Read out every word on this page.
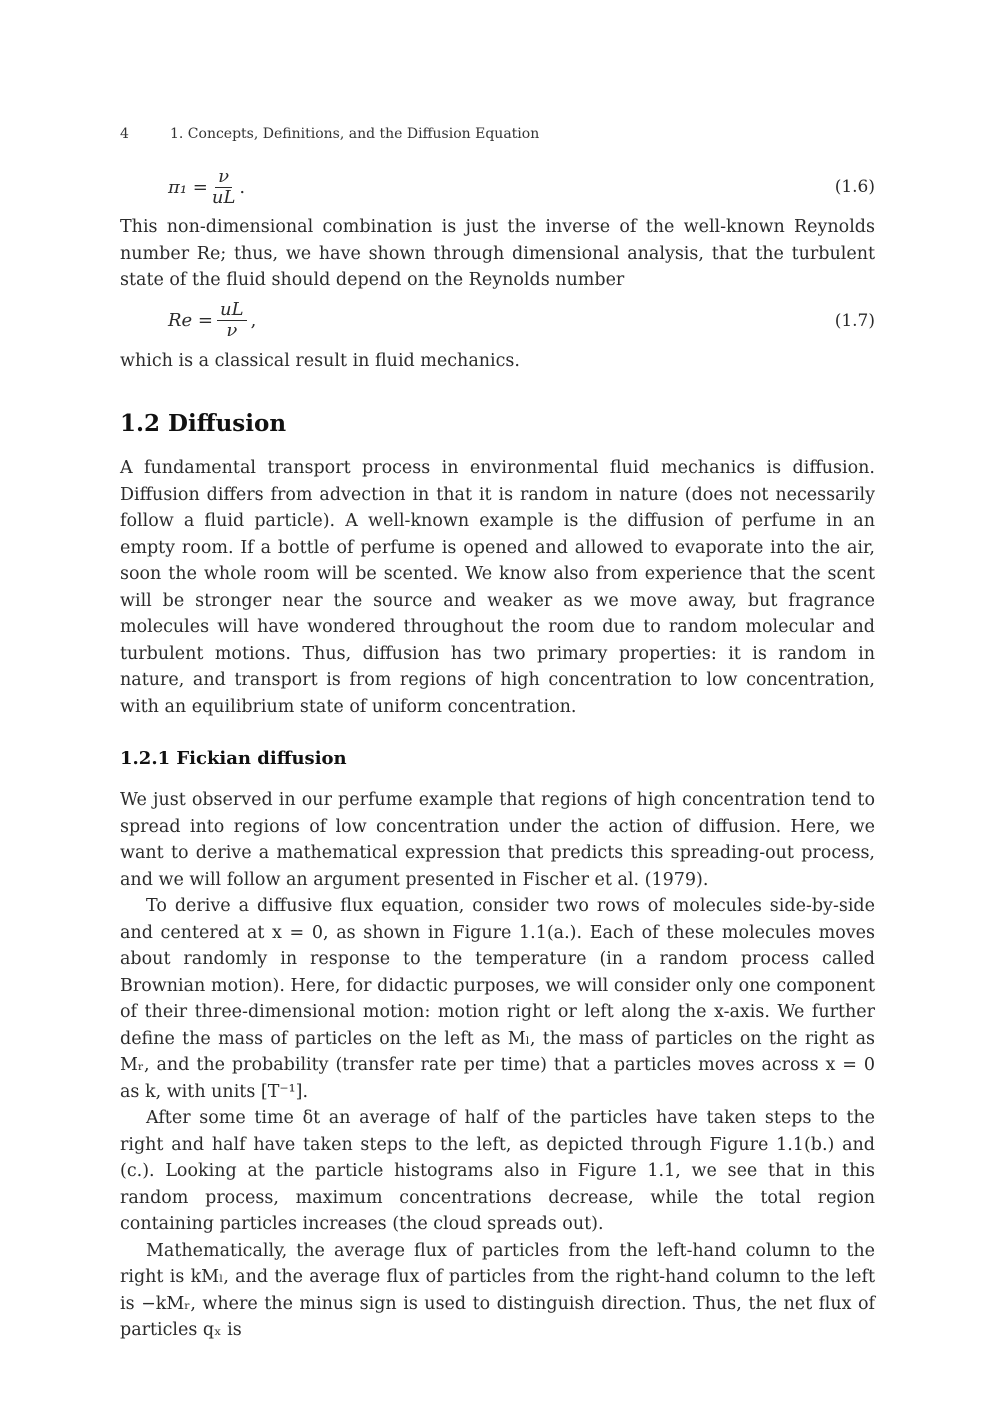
4	1. Concepts, Definitions, and the Diffusion Equation
$\pi_1 = \frac{\nu}{uL}$ .	(1.6)

This non-dimensional combination is just the inverse of the well-known Reynolds number Re; thus, we have shown through dimensional analysis, that the turbulent state of the fluid should depend on the Reynolds number

$Re = \frac{uL}{\nu}$ ,	(1.7)

which is a classical result in fluid mechanics.

1.2 Diffusion

A fundamental transport process in environmental fluid mechanics is diffusion. Diffusion differs from advection in that it is random in nature (does not necessarily follow a fluid particle). A well-known example is the diffusion of perfume in an empty room. If a bottle of perfume is opened and allowed to evaporate into the air, soon the whole room will be scented. We know also from experience that the scent will be stronger near the source and weaker as we move away, but fragrance molecules will have wondered throughout the room due to random molecular and turbulent motions. Thus, diffusion has two primary properties: it is random in nature, and transport is from regions of high concentration to low concentration, with an equilibrium state of uniform concentration.

1.2.1 Fickian diffusion

We just observed in our perfume example that regions of high concentration tend to spread into regions of low concentration under the action of diffusion. Here, we want to derive a mathematical expression that predicts this spreading-out process, and we will follow an argument presented in Fischer et al. (1979).

To derive a diffusive flux equation, consider two rows of molecules side-by-side and centered at x = 0, as shown in Figure 1.1(a.). Each of these molecules moves about randomly in response to the temperature (in a random process called Brownian motion). Here, for didactic purposes, we will consider only one component of their three-dimensional motion: motion right or left along the x-axis. We further define the mass of particles on the left as Mₗ, the mass of particles on the right as Mᵣ, and the probability (transfer rate per time) that a particles moves across x = 0 as k, with units [T⁻¹].

After some time δt an average of half of the particles have taken steps to the right and half have taken steps to the left, as depicted through Figure 1.1(b.) and (c.). Looking at the particle histograms also in Figure 1.1, we see that in this random process, maximum concentrations decrease, while the total region containing particles increases (the cloud spreads out).

Mathematically, the average flux of particles from the left-hand column to the right is kMₗ, and the average flux of particles from the right-hand column to the left is −kMᵣ, where the minus sign is used to distinguish direction. Thus, the net flux of particles qₓ is
